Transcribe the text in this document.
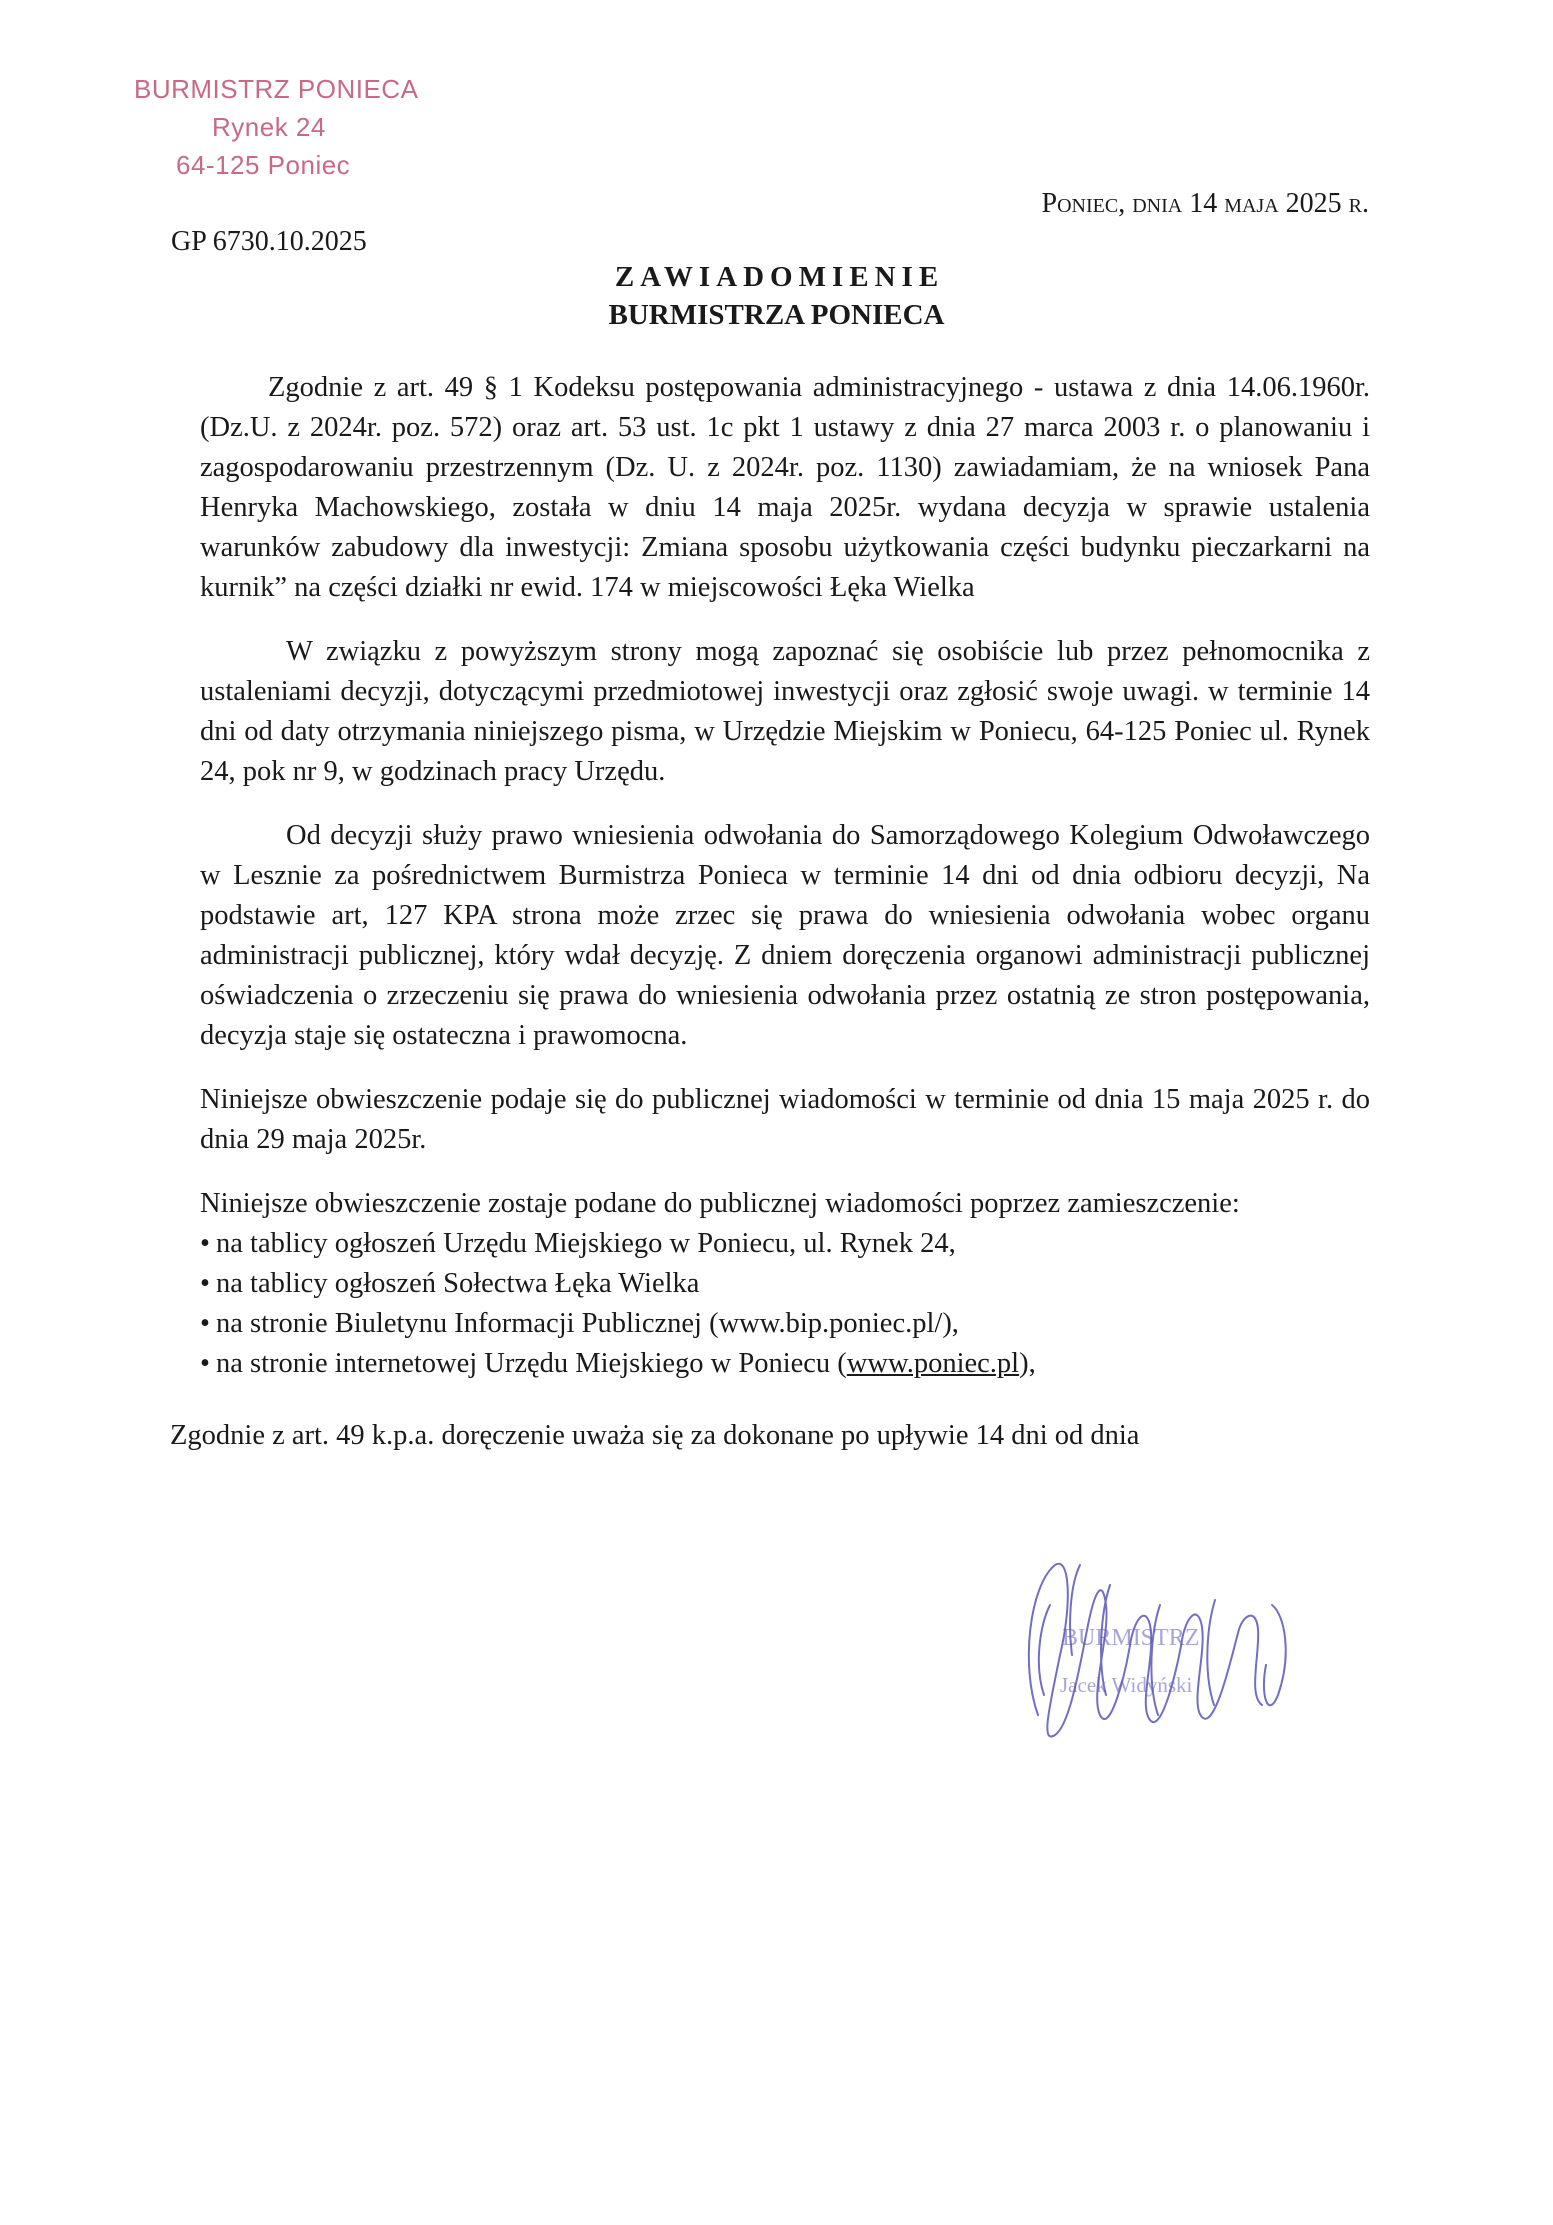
BURMISTRZ PONIECA
Rynek 24
64-125 Poniec
Poniec, dnia 14 maja 2025 r.
GP 6730.10.2025
ZAWIADOMIENIE
BURMISTRZA PONIECA

Zgodnie z art. 49 § 1 Kodeksu postępowania administracyjnego - ustawa z dnia 14.06.1960r. (Dz.U. z 2024r. poz. 572) oraz art. 53 ust. 1c pkt 1 ustawy z dnia 27 marca 2003 r. o planowaniu i zagospodarowaniu przestrzennym (Dz. U. z 2024r. poz. 1130) zawiadamiam, że na wniosek Pana Henryka Machowskiego, została w dniu 14 maja 2025r. wydana decyzja w sprawie ustalenia warunków zabudowy dla inwestycji: Zmiana sposobu użytkowania części budynku pieczarkarni na kurnik” na części działki nr ewid. 174 w miejscowości Łęka Wielka

W związku z powyższym strony mogą zapoznać się osobiście lub przez pełnomocnika z ustaleniami decyzji, dotyczącymi przedmiotowej inwestycji oraz zgłosić swoje uwagi. w terminie 14 dni od daty otrzymania niniejszego pisma, w Urzędzie Miejskim w Poniecu, 64-125 Poniec ul. Rynek 24, pok nr 9, w godzinach pracy Urzędu.

Od decyzji służy prawo wniesienia odwołania do Samorządowego Kolegium Odwoławczego w Lesznie za pośrednictwem Burmistrza Ponieca w terminie 14 dni od dnia odbioru decyzji, Na podstawie art, 127 KPA strona może zrzec się prawa do wniesienia odwołania wobec organu administracji publicznej, który wdał decyzję. Z dniem doręczenia organowi administracji publicznej oświadczenia o zrzeczeniu się prawa do wniesienia odwołania przez ostatnią ze stron postępowania, decyzja staje się ostateczna i prawomocna.

Niniejsze obwieszczenie podaje się do publicznej wiadomości w terminie od dnia 15 maja 2025 r. do dnia 29 maja 2025r.

Niniejsze obwieszczenie zostaje podane do publicznej wiadomości poprzez zamieszczenie:

• na tablicy ogłoszeń Urzędu Miejskiego w Poniecu, ul. Rynek 24,
• na tablicy ogłoszeń Sołectwa Łęka Wielka
• na stronie Biuletynu Informacji Publicznej (www.bip.poniec.pl/),
• na stronie internetowej Urzędu Miejskiego w Poniecu (www.poniec.pl),

Zgodnie z art. 49 k.p.a. doręczenie uważa się za dokonane po upływie 14 dni od dnia

BURMISTRZ
Jacek Widyński
